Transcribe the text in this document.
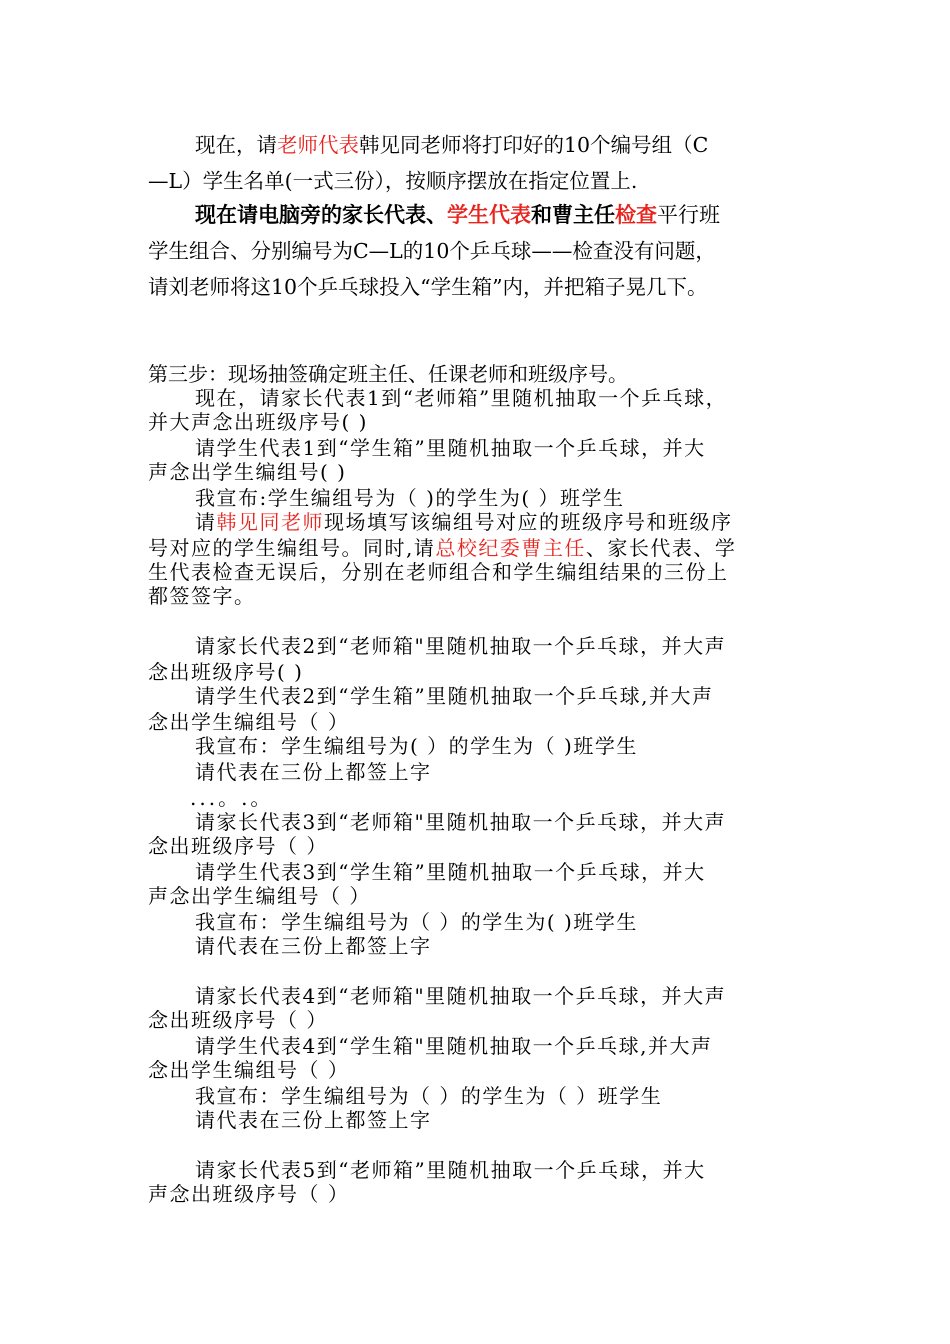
现在，请老师代表韩见同老师将打印好的10个编号组（C
—L）学生名单(一式三份），按顺序摆放在指定位置上.
现在请电脑旁的家长代表、学生代表和曹主任检查平行班
学生组合、分别编号为C—L的10个乒乓球——检查没有问题，
请刘老师将这10个乒乓球投入“学生箱”内，并把箱子晃几下。
第三步：现场抽签确定班主任、任课老师和班级序号。
现在，请家长代表1到“老师箱”里随机抽取一个乒乓球，
并大声念出班级序号( )
请学生代表1到“学生箱”里随机抽取一个乒乓球，并大
声念出学生编组号( )
我宣布:学生编组号为（ )的学生为( ）班学生
请韩见同老师现场填写该编组号对应的班级序号和班级序
号对应的学生编组号。同时,请总校纪委曹主任、家长代表、学
生代表检查无误后，分别在老师组合和学生编组结果的三份上
都签签字。
请家长代表2到“老师箱"里随机抽取一个乒乓球，并大声
念出班级序号( )
请学生代表2到“学生箱”里随机抽取一个乒乓球,并大声
念出学生编组号（ ）
我宣布：学生编组号为( ）的学生为（ )班学生
请代表在三份上都签上字
...。.。
请家长代表3到“老师箱"里随机抽取一个乒乓球，并大声
念出班级序号（ ）
请学生代表3到“学生箱”里随机抽取一个乒乓球，并大
声念出学生编组号（ ）
我宣布：学生编组号为（ ）的学生为( )班学生
请代表在三份上都签上字
请家长代表4到“老师箱"里随机抽取一个乒乓球，并大声
念出班级序号（ ）
请学生代表4到“学生箱"里随机抽取一个乒乓球,并大声
念出学生编组号（ ）
我宣布：学生编组号为（ ）的学生为（ ）班学生
请代表在三份上都签上字
请家长代表5到“老师箱”里随机抽取一个乒乓球，并大
声念出班级序号（ ）
